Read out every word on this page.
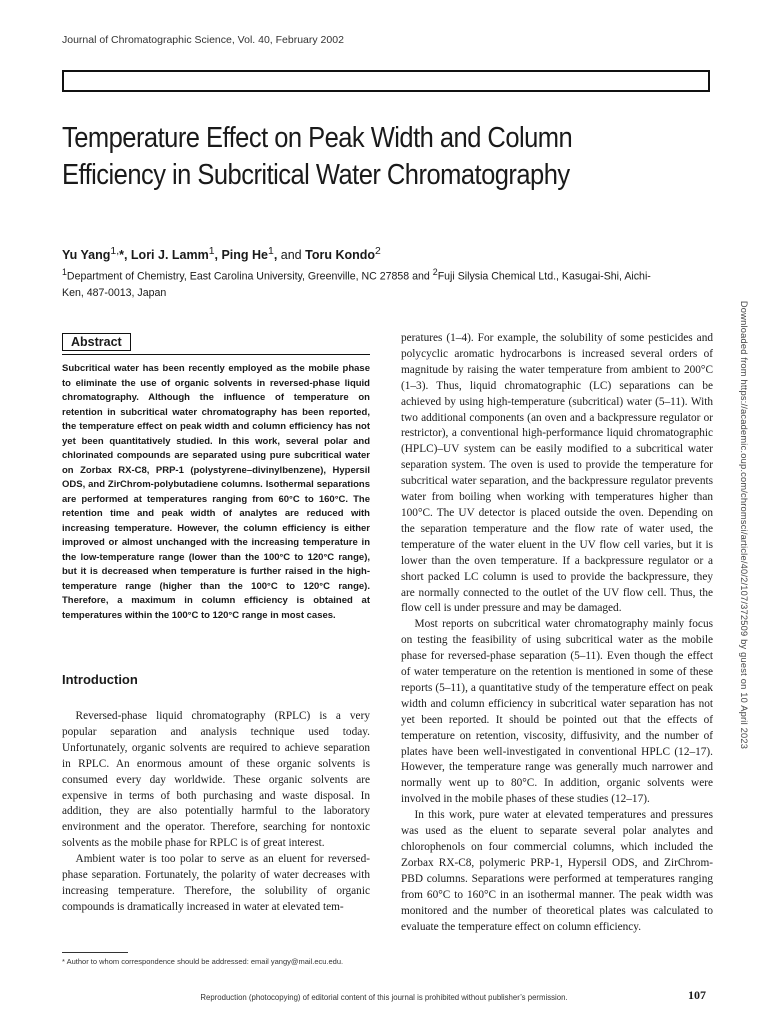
Journal of Chromatographic Science, Vol. 40, February 2002
Temperature Effect on Peak Width and Column
Efficiency in Subcritical Water Chromatography
Yu Yang$^{1,}$*, Lori J. Lamm$^1$, Ping He$^1$, and Toru Kondo$^2$
$^1$Department of Chemistry, East Carolina University, Greenville, NC 27858 and $^2$Fuji Silysia Chemical Ltd., Kasugai-Shi, Aichi-Ken, 487-0013, Japan
Downloaded from https://academic.oup.com/chromsci/article/40/2/107/372509 by guest on 10 April 2023
Abstract
Subcritical water has been recently employed as the mobile phase to eliminate the use of organic solvents in reversed-phase liquid chromatography. Although the influence of temperature on retention in subcritical water chromatography has been reported, the temperature effect on peak width and column efficiency has not yet been quantitatively studied. In this work, several polar and chlorinated compounds are separated using pure subcritical water on Zorbax RX-C8, PRP-1 (polystyrene–divinylbenzene), Hypersil ODS, and ZirChrom-polybutadiene columns. Isothermal separations are performed at temperatures ranging from 60°C to 160°C. The retention time and peak width of analytes are reduced with increasing temperature. However, the column efficiency is either improved or almost unchanged with the increasing temperature in the low-temperature range (lower than the 100°C to 120°C range), but it is decreased when temperature is further raised in the high-temperature range (higher than the 100°C to 120°C range). Therefore, a maximum in column efficiency is obtained at temperatures within the 100°C to 120°C range in most cases.
Introduction

Reversed-phase liquid chromatography (RPLC) is a very popular separation and analysis technique used today. Unfortunately, organic solvents are required to achieve separation in RPLC. An enormous amount of these organic solvents is consumed every day worldwide. These organic solvents are expensive in terms of both purchasing and waste disposal. In addition, they are also potentially harmful to the laboratory environment and the operator. Therefore, searching for nontoxic solvents as the mobile phase for RPLC is of great interest.

Ambient water is too polar to serve as an eluent for reversed-phase separation. Fortunately, the polarity of water decreases with increasing temperature. Therefore, the solubility of organic compounds is dramatically increased in water at elevated tem-

peratures (1–4). For example, the solubility of some pesticides and polycyclic aromatic hydrocarbons is increased several orders of magnitude by raising the water temperature from ambient to 200°C (1–3). Thus, liquid chromatographic (LC) separations can be achieved by using high-temperature (subcritical) water (5–11). With two additional components (an oven and a backpressure regulator or restrictor), a conventional high-performance liquid chromatographic (HPLC)–UV system can be easily modified to a subcritical water separation system. The oven is used to provide the temperature for subcritical water separation, and the backpressure regulator prevents water from boiling when working with temperatures higher than 100°C. The UV detector is placed outside the oven. Depending on the separation temperature and the flow rate of water used, the temperature of the water eluent in the UV flow cell varies, but it is lower than the oven temperature. If a backpressure regulator or a short packed LC column is used to provide the backpressure, they are normally connected to the outlet of the UV flow cell. Thus, the flow cell is under pressure and may be damaged.

Most reports on subcritical water chromatography mainly focus on testing the feasibility of using subcritical water as the mobile phase for reversed-phase separation (5–11). Even though the effect of water temperature on the retention is mentioned in some of these reports (5–11), a quantitative study of the temperature effect on peak width and column efficiency in subcritical water separation has not yet been reported. It should be pointed out that the effects of temperature on retention, viscosity, diffusivity, and the number of plates have been well-investigated in conventional HPLC (12–17). However, the temperature range was generally much narrower and normally went up to 80°C. In addition, organic solvents were involved in the mobile phases of these studies (12–17).

In this work, pure water at elevated temperatures and pressures was used as the eluent to separate several polar analytes and chlorophenols on four commercial columns, which included the Zorbax RX-C8, polymeric PRP-1, Hypersil ODS, and ZirChrom-PBD columns. Separations were performed at temperatures ranging from 60°C to 160°C in an isothermal manner. The peak width was monitored and the number of theoretical plates was calculated to evaluate the temperature effect on column efficiency.

* Author to whom correspondence should be addressed: email yangy@mail.ecu.edu.
Reproduction (photocopying) of editorial content of this journal is prohibited without publisher’s permission.	107
